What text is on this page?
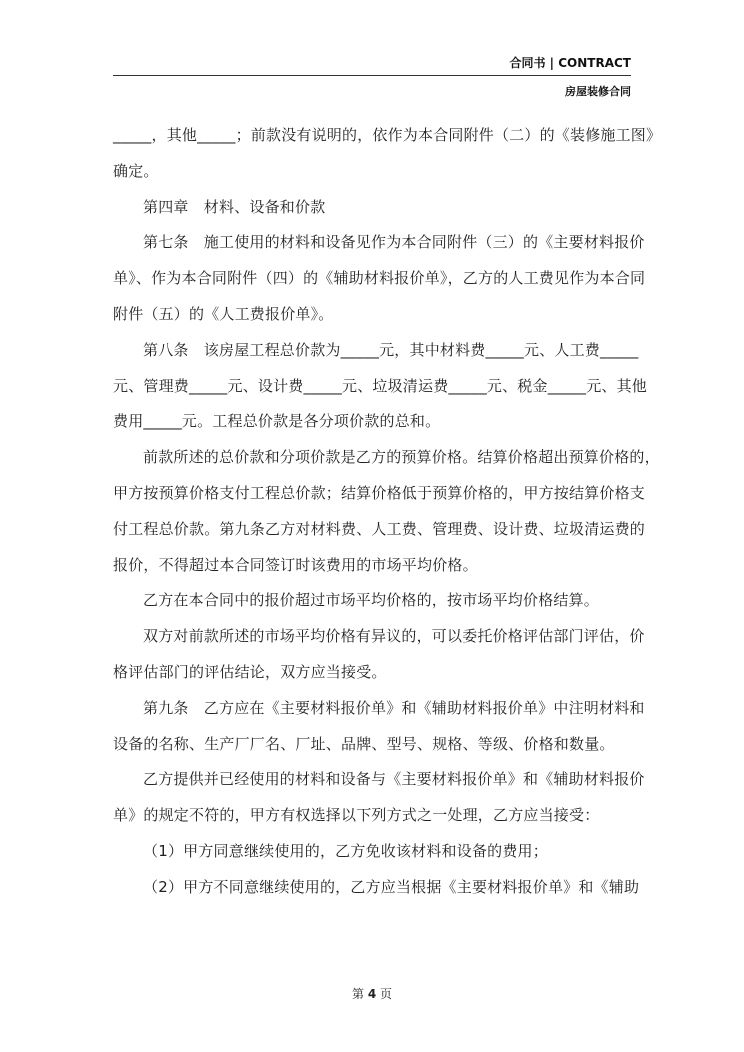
合同书 | CONTRACT
房屋装修合同
_____，其他_____；前款没有说明的，依作为本合同附件（二）的《装修施工图》
确定。
第四章　材料、设备和价款
第七条　施工使用的材料和设备见作为本合同附件（三）的《主要材料报价
单》、作为本合同附件（四）的《辅助材料报价单》，乙方的人工费见作为本合同
附件（五）的《人工费报价单》。
第八条　该房屋工程总价款为_____元，其中材料费_____元、人工费_____
元、管理费_____元、设计费_____元、垃圾清运费_____元、税金_____元、其他
费用_____元。工程总价款是各分项价款的总和。
前款所述的总价款和分项价款是乙方的预算价格。结算价格超出预算价格的，
甲方按预算价格支付工程总价款；结算价格低于预算价格的，甲方按结算价格支
付工程总价款。第九条乙方对材料费、人工费、管理费、设计费、垃圾清运费的
报价，不得超过本合同签订时该费用的市场平均价格。
乙方在本合同中的报价超过市场平均价格的，按市场平均价格结算。
双方对前款所述的市场平均价格有异议的，可以委托价格评估部门评估，价
格评估部门的评估结论，双方应当接受。
第九条　乙方应在《主要材料报价单》和《辅助材料报价单》中注明材料和
设备的名称、生产厂厂名、厂址、品牌、型号、规格、等级、价格和数量。
乙方提供并已经使用的材料和设备与《主要材料报价单》和《辅助材料报价
单》的规定不符的，甲方有权选择以下列方式之一处理，乙方应当接受：
（1）甲方同意继续使用的，乙方免收该材料和设备的费用；
（2）甲方不同意继续使用的，乙方应当根据《主要材料报价单》和《辅助
第 4 页
